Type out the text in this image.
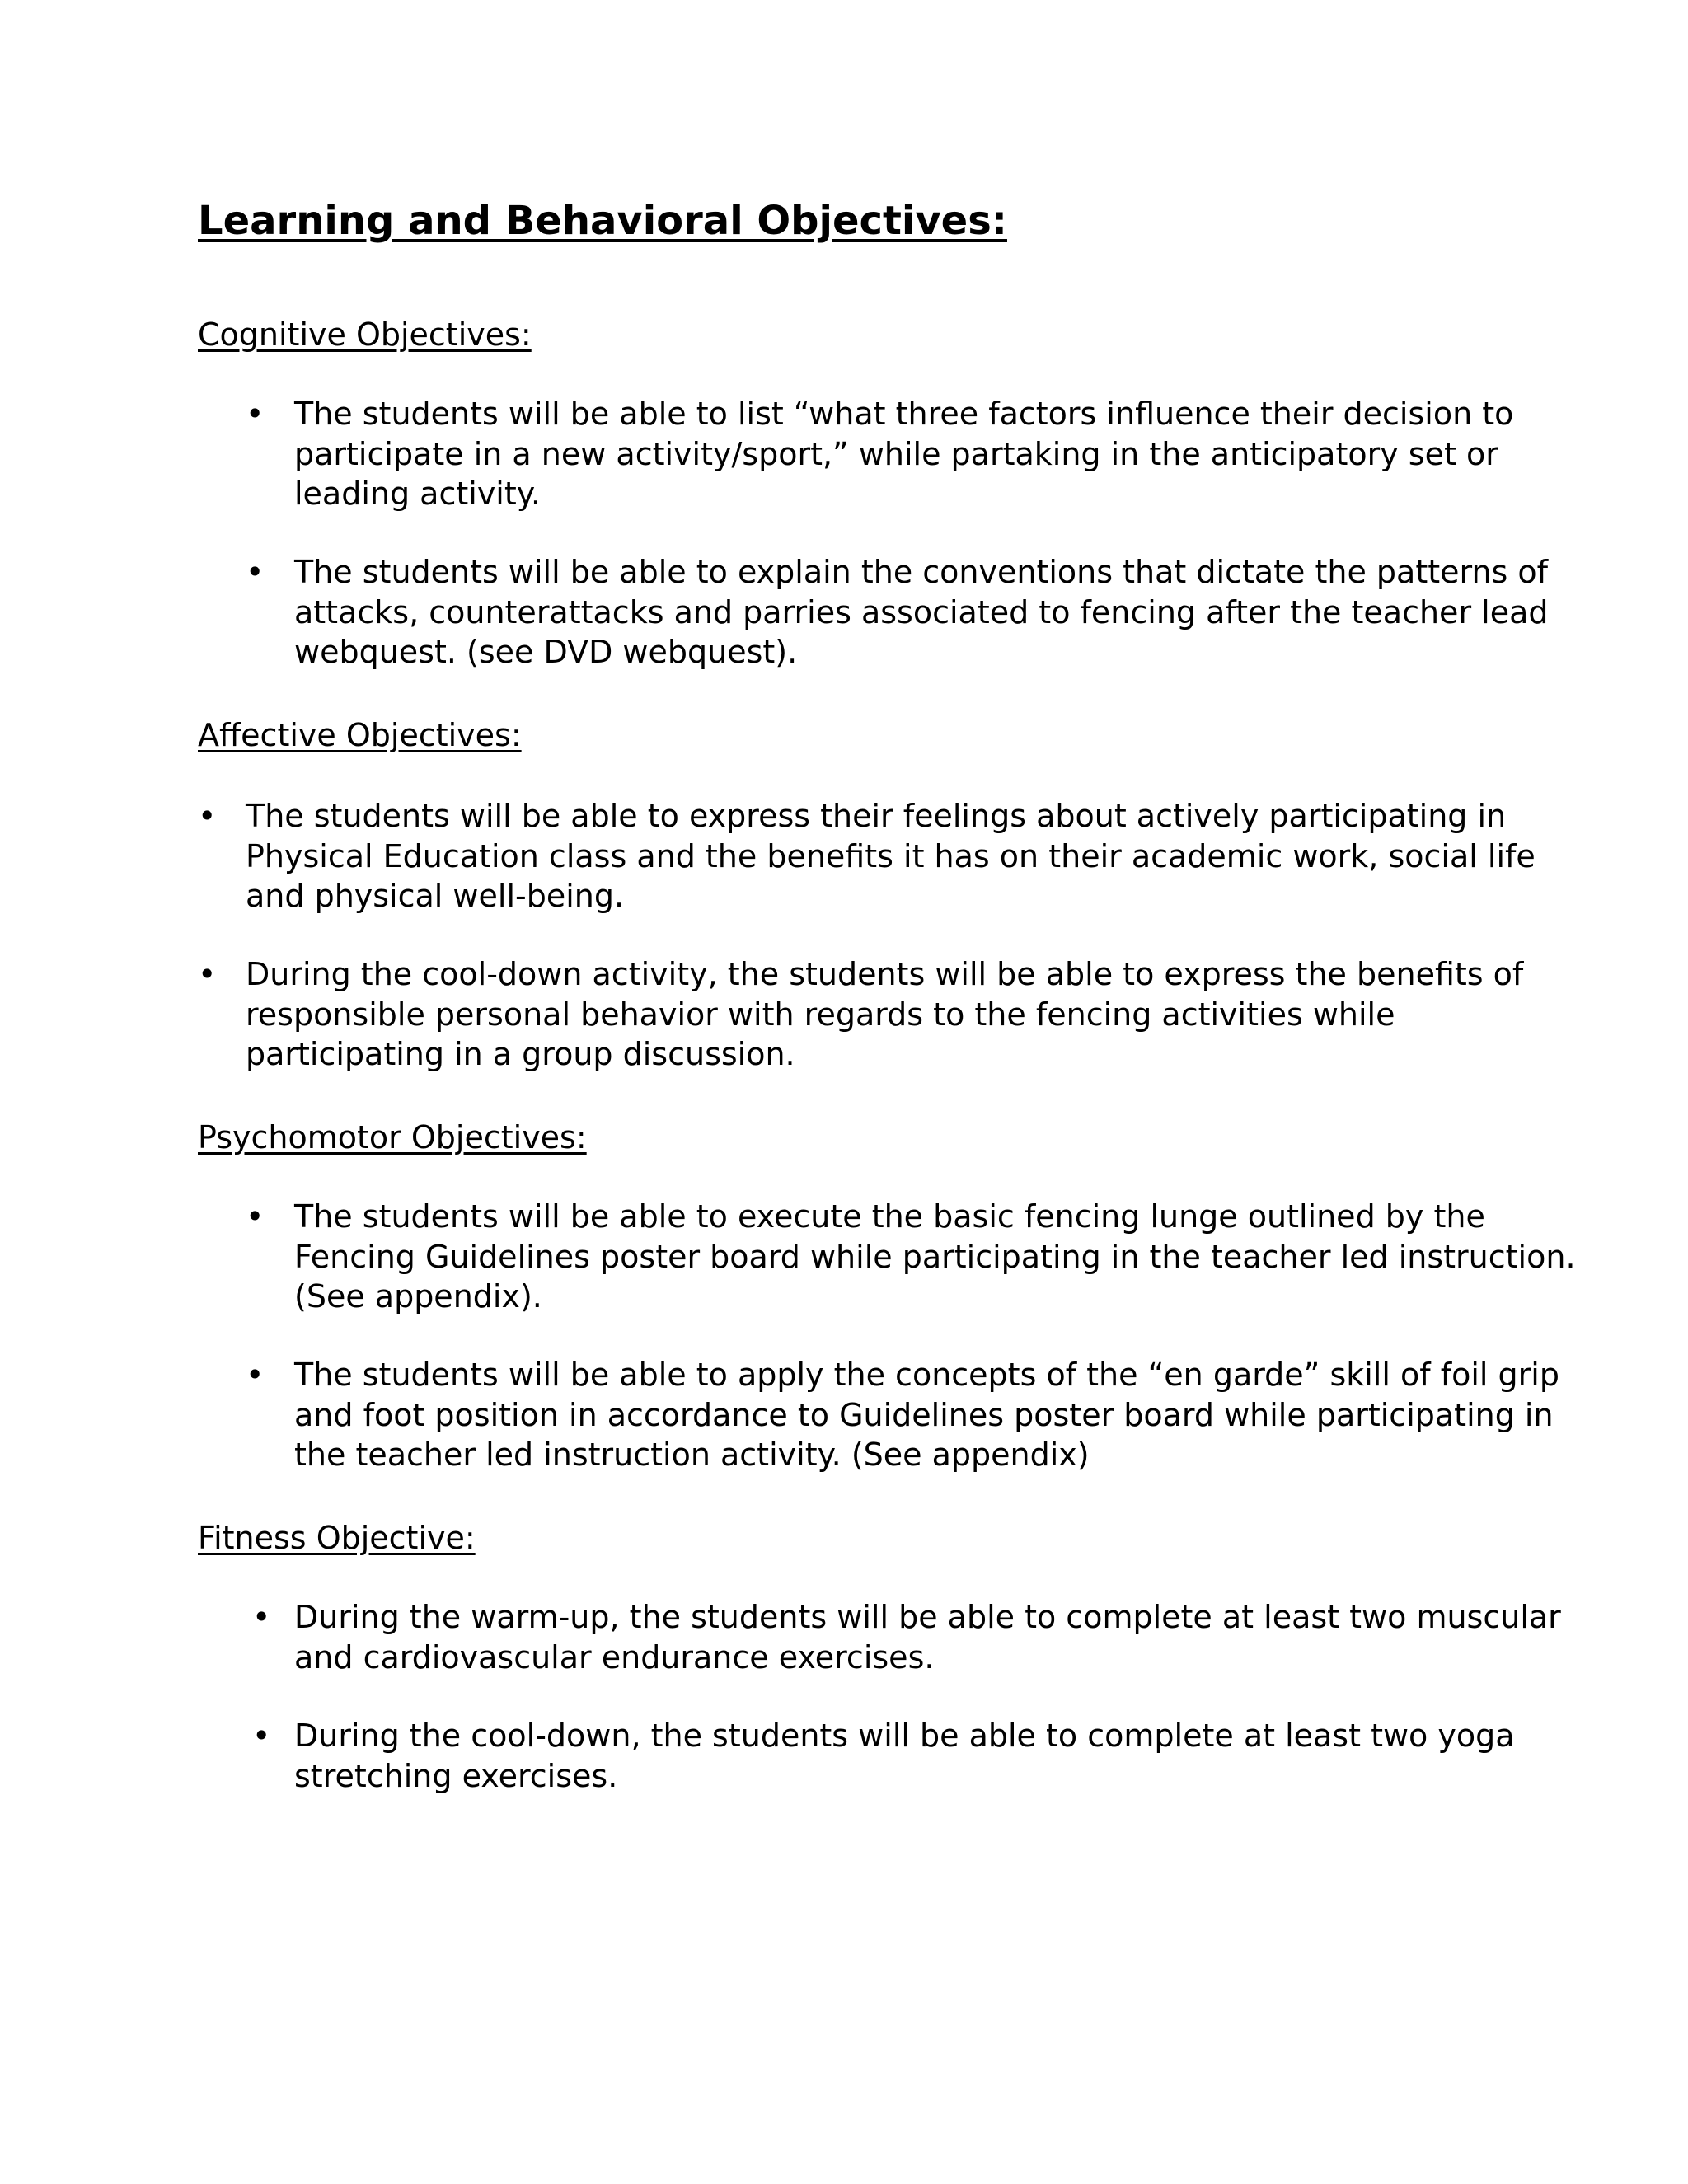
Learning and Behavioral Objectives:
Cognitive Objectives:
•

The students will be able to list “what three factors influence their decision to
participate in a new activity/sport,” while partaking in the anticipatory set or
leading activity.

•

The students will be able to explain the conventions that dictate the patterns of
attacks, counterattacks and parries associated to fencing after the teacher lead
webquest. (see DVD webquest).

Affective Objectives:
•

The students will be able to express their feelings about actively participating in
Physical Education class and the benefits it has on their academic work, social life
and physical well-being.

•

During the cool-down activity, the students will be able to express the benefits of
responsible personal behavior with regards to the fencing activities while
participating in a group discussion.

Psychomotor Objectives:
•

The students will be able to execute the basic fencing lunge outlined by the
Fencing Guidelines poster board while participating in the teacher led instruction.
(See appendix).

•

The students will be able to apply the concepts of the “en garde” skill of foil grip
and foot position in accordance to Guidelines poster board while participating in
the teacher led instruction activity. (See appendix)

Fitness Objective:
•

During the warm-up, the students will be able to complete at least two muscular
and cardiovascular endurance exercises.

•

During the cool-down, the students will be able to complete at least two yoga
stretching exercises.
